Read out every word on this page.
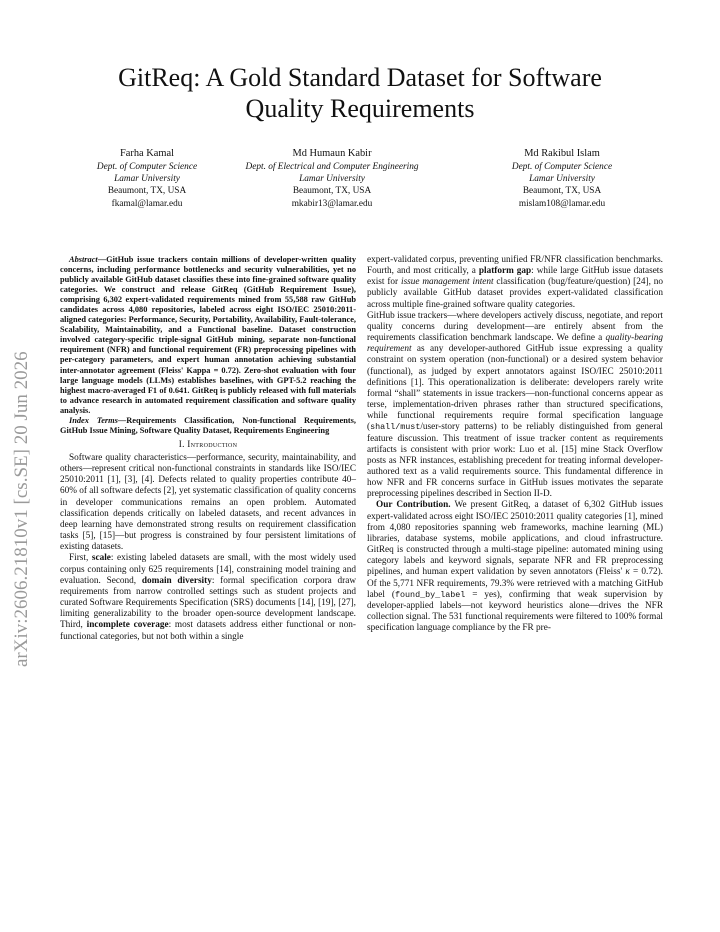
arXiv:2606.21810v1 [cs.SE] 20 Jun 2026
GitReq: A Gold Standard Dataset for Software
Quality Requirements
Farha Kamal
Dept. of Computer Science
Lamar University
Beaumont, TX, USA
fkamal@lamar.edu
Md Humaun Kabir
Dept. of Electrical and Computer Engineering
Lamar University
Beaumont, TX, USA
mkabir13@lamar.edu
Md Rakibul Islam
Dept. of Computer Science
Lamar University
Beaumont, TX, USA
mislam108@lamar.edu

Abstract—GitHub issue trackers contain millions of developer-written quality concerns, including performance bottlenecks and security vulnerabilities, yet no publicly available GitHub dataset classifies these into fine-grained software quality categories. We construct and release GitReq (GitHub Requirement Issue), comprising 6,302 expert-validated requirements mined from 55,588 raw GitHub candidates across 4,080 repositories, labeled across eight ISO/IEC 25010:2011-aligned categories: Performance, Security, Portability, Availability, Fault-tolerance, Scalability, Maintainability, and a Functional baseline. Dataset construction involved category-specific triple-signal GitHub mining, separate non-functional requirement (NFR) and functional requirement (FR) preprocessing pipelines with per-category parameters, and expert human annotation achieving substantial inter-annotator agreement (Fleiss' Kappa = 0.72). Zero-shot evaluation with four large language models (LLMs) establishes baselines, with GPT-5.2 reaching the highest macro-averaged F1 of 0.641. GitReq is publicly released with full materials to advance research in automated requirement classification and software quality analysis.

Index Terms—Requirements Classification, Non-functional Requirements, GitHub Issue Mining, Software Quality Dataset, Requirements Engineering

I. Introduction

Software quality characteristics—performance, security, maintainability, and others—represent critical non-functional constraints in standards like ISO/IEC 25010:2011 [1], [3], [4]. Defects related to quality properties contribute 40–60% of all software defects [2], yet systematic classification of quality concerns in developer communications remains an open problem. Automated classification depends critically on labeled datasets, and recent advances in deep learning have demonstrated strong results on requirement classification tasks [5], [15]—but progress is constrained by four persistent limitations of existing datasets.

First, scale: existing labeled datasets are small, with the most widely used corpus containing only 625 requirements [14], constraining model training and evaluation. Second, domain diversity: formal specification corpora draw requirements from narrow controlled settings such as student projects and curated Software Requirements Specification (SRS) documents [14], [19], [27], limiting generalizability to the broader open-source development landscape. Third, incomplete coverage: most datasets address either functional or non-functional categories, but not both within a single

expert-validated corpus, preventing unified FR/NFR classification benchmarks. Fourth, and most critically, a platform gap: while large GitHub issue datasets exist for issue management intent classification (bug/feature/question) [24], no publicly available GitHub dataset provides expert-validated classification across multiple fine-grained software quality categories.

GitHub issue trackers—where developers actively discuss, negotiate, and report quality concerns during development—are entirely absent from the requirements classification benchmark landscape. We define a quality-bearing requirement as any developer-authored GitHub issue expressing a quality constraint on system operation (non-functional) or a desired system behavior (functional), as judged by expert annotators against ISO/IEC 25010:2011 definitions [1]. This operationalization is deliberate: developers rarely write formal “shall” statements in issue trackers—non-functional concerns appear as terse, implementation-driven phrases rather than structured specifications, while functional requirements require formal specification language (shall/must/user-story patterns) to be reliably distinguished from general feature discussion. This treatment of issue tracker content as requirements artifacts is consistent with prior work: Luo et al. [15] mine Stack Overflow posts as NFR instances, establishing precedent for treating informal developer-authored text as a valid requirements source. This fundamental difference in how NFR and FR concerns surface in GitHub issues motivates the separate preprocessing pipelines described in Section II-D.

Our Contribution. We present GitReq, a dataset of 6,302 GitHub issues expert-validated across eight ISO/IEC 25010:2011 quality categories [1], mined from 4,080 repositories spanning web frameworks, machine learning (ML) libraries, database systems, mobile applications, and cloud infrastructure. GitReq is constructed through a multi-stage pipeline: automated mining using category labels and keyword signals, separate NFR and FR preprocessing pipelines, and human expert validation by seven annotators (Fleiss' κ = 0.72). Of the 5,771 NFR requirements, 79.3% were retrieved with a matching GitHub label (found_by_label = yes), confirming that weak supervision by developer-applied labels—not keyword heuristics alone—drives the NFR collection signal. The 531 functional requirements were filtered to 100% formal specification language compliance by the FR pre-
